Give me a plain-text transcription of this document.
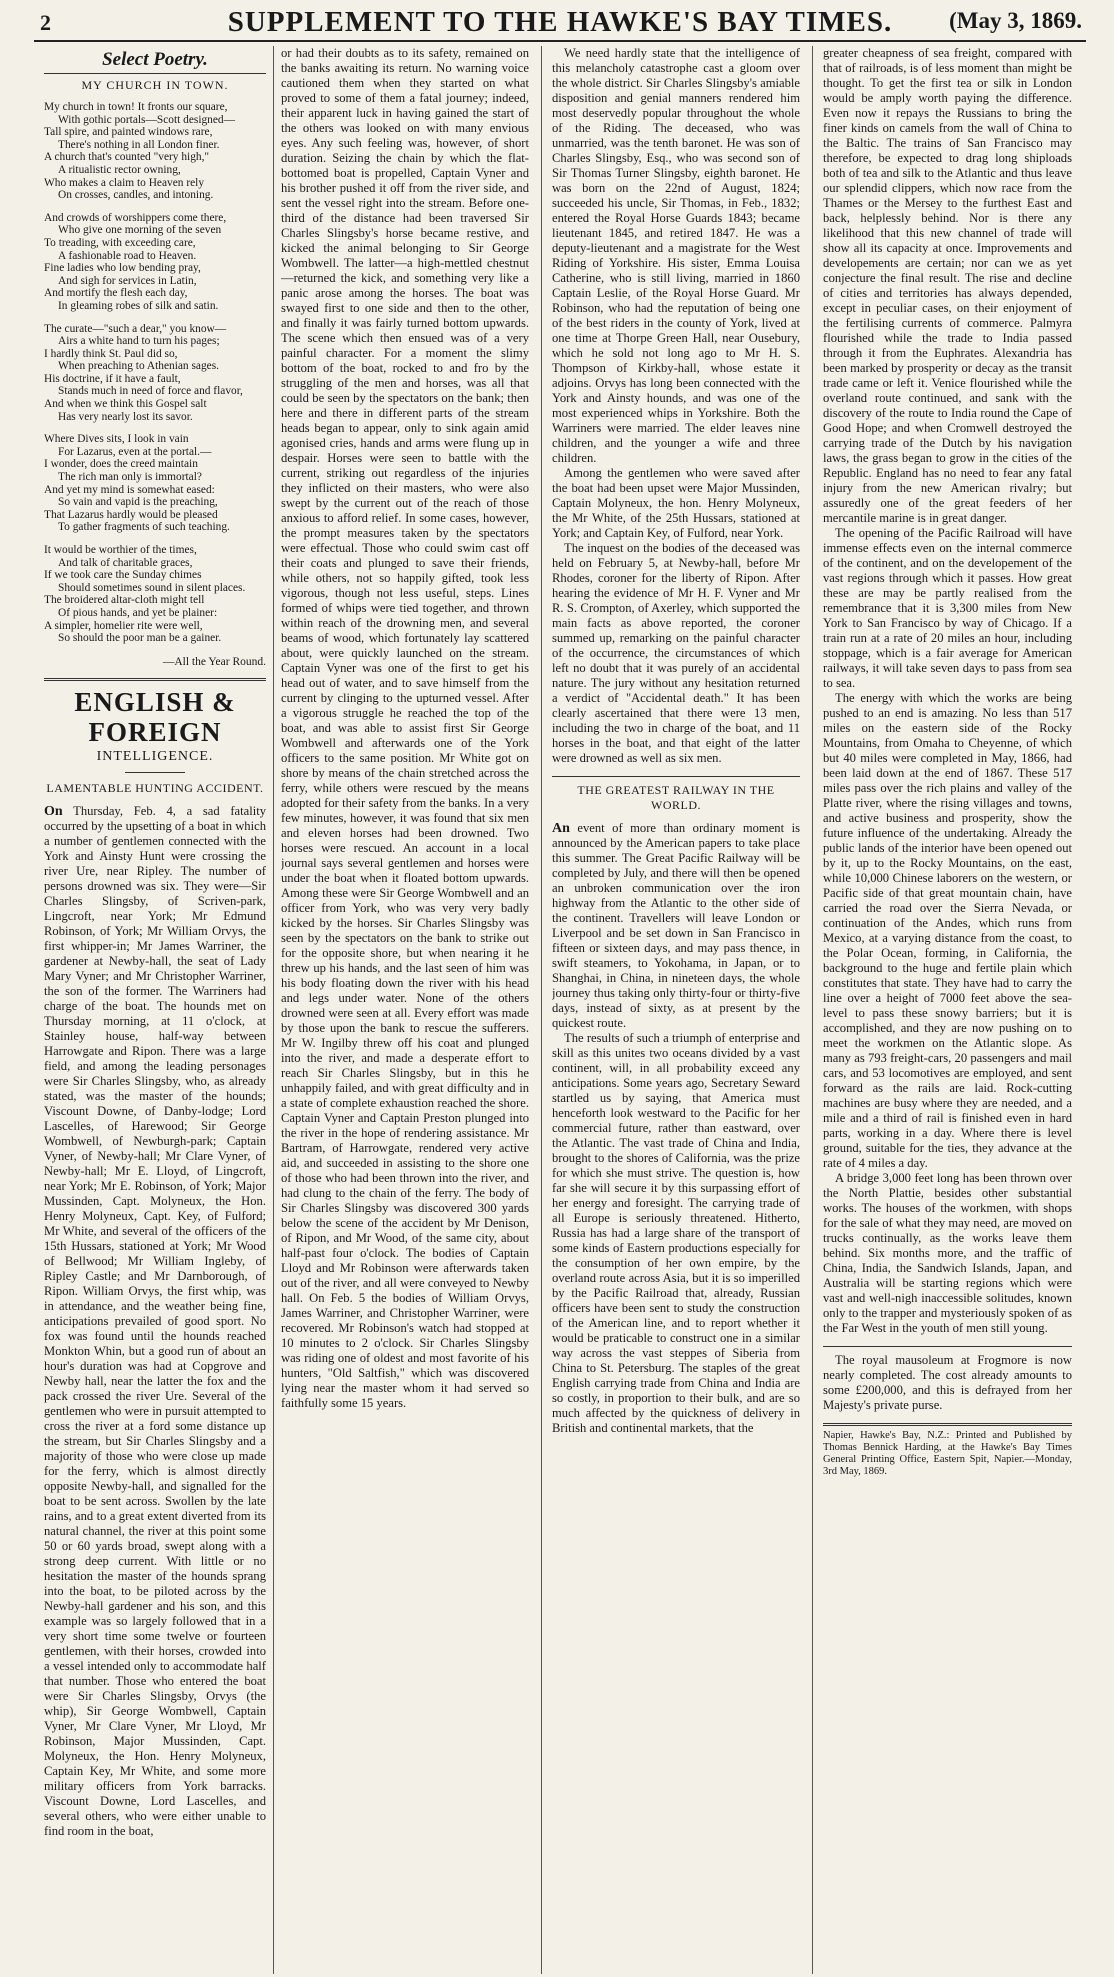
2	SUPPLEMENT TO THE HAWKE'S BAY TIMES.	(May 3, 1869.
Select Poetry.
MY CHURCH IN TOWN.
My church in town! It fronts our square,
With gothic portals—Scott designed—
Tall spire, and painted windows rare,
There's nothing in all London finer.
A church that's counted "very high,"
A ritualistic rector owning,
Who makes a claim to Heaven rely
On crosses, candles, and intoning.
And crowds of worshippers come there,
Who give one morning of the seven
To treading, with exceeding care,
A fashionable road to Heaven.
Fine ladies who low bending pray,
And sigh for services in Latin,
And mortify the flesh each day,
In gleaming robes of silk and satin.
The curate—"such a dear," you know—
Airs a white hand to turn his pages;
I hardly think St. Paul did so,
When preaching to Athenian sages.
His doctrine, if it have a fault,
Stands much in need of force and flavor,
And when we think this Gospel salt
Has very nearly lost its savor.
Where Dives sits, I look in vain
For Lazarus, even at the portal.—
I wonder, does the creed maintain
The rich man only is immortal?
And yet my mind is somewhat eased:
So vain and vapid is the preaching,
That Lazarus hardly would be pleased
To gather fragments of such teaching.
It would be worthier of the times,
And talk of charitable graces,
If we took care the Sunday chimes
Should sometimes sound in silent places.
The broidered altar-cloth might tell
Of pious hands, and yet be plainer:
A simpler, homelier rite were well,
So should the poor man be a gainer.
—All the Year Round.
ENGLISH & FOREIGN
INTELLIGENCE.
LAMENTABLE HUNTING ACCIDENT.

On Thursday, Feb. 4, a sad fatality occurred by the upsetting of a boat in which a number of gentlemen connected with the York and Ainsty Hunt were crossing the river Ure, near Ripley. The number of persons drowned was six. They were—Sir Charles Slingsby, of Scriven-park, Lingcroft, near York; Mr Edmund Robinson, of York; Mr William Orvys, the first whipper-in; Mr James Warriner, the gardener at Newby-hall, the seat of Lady Mary Vyner; and Mr Christopher Warriner, the son of the former. The Warriners had charge of the boat. The hounds met on Thursday morning, at 11 o'clock, at Stainley house, half-way between Harrowgate and Ripon. There was a large field, and among the leading personages were Sir Charles Slingsby, who, as already stated, was the master of the hounds; Viscount Downe, of Danby-lodge; Lord Lascelles, of Harewood; Sir George Wombwell, of Newburgh-park; Captain Vyner, of Newby-hall; Mr Clare Vyner, of Newby-hall; Mr E. Lloyd, of Lingcroft, near York; Mr E. Robinson, of York; Major Mussinden, Capt. Molyneux, the Hon. Henry Molyneux, Capt. Key, of Fulford; Mr White, and several of the officers of the 15th Hussars, stationed at York; Mr Wood of Bellwood; Mr William Ingleby, of Ripley Castle; and Mr Darnborough, of Ripon. William Orvys, the first whip, was in attendance, and the weather being fine, anticipations prevailed of good sport. No fox was found until the hounds reached Monkton Whin, but a good run of about an hour's duration was had at Copgrove and Newby hall, near the latter the fox and the pack crossed the river Ure. Several of the gentlemen who were in pursuit attempted to cross the river at a ford some distance up the stream, but Sir Charles Slingsby and a majority of those who were close up made for the ferry, which is almost directly opposite Newby-hall, and signalled for the boat to be sent across. Swollen by the late rains, and to a great extent diverted from its natural channel, the river at this point some 50 or 60 yards broad, swept along with a strong deep current. With little or no hesitation the master of the hounds sprang into the boat, to be piloted across by the Newby-hall gardener and his son, and this example was so largely followed that in a very short time some twelve or fourteen gentlemen, with their horses, crowded into a vessel intended only to accommodate half that number. Those who entered the boat were Sir Charles Slingsby, Orvys (the whip), Sir George Wombwell, Captain Vyner, Mr Clare Vyner, Mr Lloyd, Mr Robinson, Major Mussinden, Capt. Molyneux, the Hon. Henry Molyneux, Captain Key, Mr White, and some more military officers from York barracks. Viscount Downe, Lord Lascelles, and several others, who were either unable to find room in the boat,

or had their doubts as to its safety, remained on the banks awaiting its return. No warning voice cautioned them when they started on what proved to some of them a fatal journey; indeed, their apparent luck in having gained the start of the others was looked on with many envious eyes. Any such feeling was, however, of short duration. Seizing the chain by which the flat-bottomed boat is propelled, Captain Vyner and his brother pushed it off from the river side, and sent the vessel right into the stream. Before one-third of the distance had been traversed Sir Charles Slingsby's horse became restive, and kicked the animal belonging to Sir George Wombwell. The latter—a high-mettled chestnut—returned the kick, and something very like a panic arose among the horses. The boat was swayed first to one side and then to the other, and finally it was fairly turned bottom upwards. The scene which then ensued was of a very painful character. For a moment the slimy bottom of the boat, rocked to and fro by the struggling of the men and horses, was all that could be seen by the spectators on the bank; then here and there in different parts of the stream heads began to appear, only to sink again amid agonised cries, hands and arms were flung up in despair. Horses were seen to battle with the current, striking out regardless of the injuries they inflicted on their masters, who were also swept by the current out of the reach of those anxious to afford relief. In some cases, however, the prompt measures taken by the spectators were effectual. Those who could swim cast off their coats and plunged to save their friends, while others, not so happily gifted, took less vigorous, though not less useful, steps. Lines formed of whips were tied together, and thrown within reach of the drowning men, and several beams of wood, which fortunately lay scattered about, were quickly launched on the stream. Captain Vyner was one of the first to get his head out of water, and to save himself from the current by clinging to the upturned vessel. After a vigorous struggle he reached the top of the boat, and was able to assist first Sir George Wombwell and afterwards one of the York officers to the same position. Mr White got on shore by means of the chain stretched across the ferry, while others were rescued by the means adopted for their safety from the banks. In a very few minutes, however, it was found that six men and eleven horses had been drowned. Two horses were rescued. An account in a local journal says several gentlemen and horses were under the boat when it floated bottom upwards. Among these were Sir George Wombwell and an officer from York, who was very very badly kicked by the horses. Sir Charles Slingsby was seen by the spectators on the bank to strike out for the opposite shore, but when nearing it he threw up his hands, and the last seen of him was his body floating down the river with his head and legs under water. None of the others drowned were seen at all. Every effort was made by those upon the bank to rescue the sufferers. Mr W. Ingilby threw off his coat and plunged into the river, and made a desperate effort to reach Sir Charles Slingsby, but in this he unhappily failed, and with great difficulty and in a state of complete exhaustion reached the shore. Captain Vyner and Captain Preston plunged into the river in the hope of rendering assistance. Mr Bartram, of Harrowgate, rendered very active aid, and succeeded in assisting to the shore one of those who had been thrown into the river, and had clung to the chain of the ferry. The body of Sir Charles Slingsby was discovered 300 yards below the scene of the accident by Mr Denison, of Ripon, and Mr Wood, of the same city, about half-past four o'clock. The bodies of Captain Lloyd and Mr Robinson were afterwards taken out of the river, and all were conveyed to Newby hall. On Feb. 5 the bodies of William Orvys, James Warriner, and Christopher Warriner, were recovered. Mr Robinson's watch had stopped at 10 minutes to 2 o'clock. Sir Charles Slingsby was riding one of oldest and most favorite of his hunters, "Old Saltfish," which was discovered lying near the master whom it had served so faithfully some 15 years.

We need hardly state that the intelligence of this melancholy catastrophe cast a gloom over the whole district. Sir Charles Slingsby's amiable disposition and genial manners rendered him most deservedly popular throughout the whole of the Riding. The deceased, who was unmarried, was the tenth baronet. He was son of Charles Slingsby, Esq., who was second son of Sir Thomas Turner Slingsby, eighth baronet. He was born on the 22nd of August, 1824; succeeded his uncle, Sir Thomas, in Feb., 1832; entered the Royal Horse Guards 1843; became lieutenant 1845, and retired 1847. He was a deputy-lieutenant and a magistrate for the West Riding of Yorkshire. His sister, Emma Louisa Catherine, who is still living, married in 1860 Captain Leslie, of the Royal Horse Guard. Mr Robinson, who had the reputation of being one of the best riders in the county of York, lived at one time at Thorpe Green Hall, near Ousebury, which he sold not long ago to Mr H. S. Thompson of Kirkby-hall, whose estate it adjoins. Orvys has long been connected with the York and Ainsty hounds, and was one of the most experienced whips in Yorkshire. Both the Warriners were married. The elder leaves nine children, and the younger a wife and three children.

Among the gentlemen who were saved after the boat had been upset were Major Mussinden, Captain Molyneux, the hon. Henry Molyneux, the Mr White, of the 25th Hussars, stationed at York; and Captain Key, of Fulford, near York.

The inquest on the bodies of the deceased was held on February 5, at Newby-hall, before Mr Rhodes, coroner for the liberty of Ripon. After hearing the evidence of Mr H. F. Vyner and Mr R. S. Crompton, of Axerley, which supported the main facts as above reported, the coroner summed up, remarking on the painful character of the occurrence, the circumstances of which left no doubt that it was purely of an accidental nature. The jury without any hesitation returned a verdict of "Accidental death." It has been clearly ascertained that there were 13 men, including the two in charge of the boat, and 11 horses in the boat, and that eight of the latter were drowned as well as six men.

THE GREATEST RAILWAY IN THE WORLD.

An event of more than ordinary moment is announced by the American papers to take place this summer. The Great Pacific Railway will be completed by July, and there will then be opened an unbroken communication over the iron highway from the Atlantic to the other side of the continent. Travellers will leave London or Liverpool and be set down in San Francisco in fifteen or sixteen days, and may pass thence, in swift steamers, to Yokohama, in Japan, or to Shanghai, in China, in nineteen days, the whole journey thus taking only thirty-four or thirty-five days, instead of sixty, as at present by the quickest route.

The results of such a triumph of enterprise and skill as this unites two oceans divided by a vast continent, will, in all probability exceed any anticipations. Some years ago, Secretary Seward startled us by saying, that America must henceforth look westward to the Pacific for her commercial future, rather than eastward, over the Atlantic. The vast trade of China and India, brought to the shores of California, was the prize for which she must strive. The question is, how far she will secure it by this surpassing effort of her energy and foresight. The carrying trade of all Europe is seriously threatened. Hitherto, Russia has had a large share of the transport of some kinds of Eastern productions especially for the consumption of her own empire, by the overland route across Asia, but it is so imperilled by the Pacific Railroad that, already, Russian officers have been sent to study the construction of the American line, and to report whether it would be praticable to construct one in a similar way across the vast steppes of Siberia from China to St. Petersburg. The staples of the great English carrying trade from China and India are so costly, in proportion to their bulk, and are so much affected by the quickness of delivery in British and continental markets, that the

greater cheapness of sea freight, compared with that of railroads, is of less moment than might be thought. To get the first tea or silk in London would be amply worth paying the difference. Even now it repays the Russians to bring the finer kinds on camels from the wall of China to the Baltic. The trains of San Francisco may therefore, be expected to drag long shiploads both of tea and silk to the Atlantic and thus leave our splendid clippers, which now race from the Thames or the Mersey to the furthest East and back, helplessly behind. Nor is there any likelihood that this new channel of trade will show all its capacity at once. Improvements and developements are certain; nor can we as yet conjecture the final result. The rise and decline of cities and territories has always depended, except in peculiar cases, on their enjoyment of the fertilising currents of commerce. Palmyra flourished while the trade to India passed through it from the Euphrates. Alexandria has been marked by prosperity or decay as the transit trade came or left it. Venice flourished while the overland route continued, and sank with the discovery of the route to India round the Cape of Good Hope; and when Cromwell destroyed the carrying trade of the Dutch by his navigation laws, the grass began to grow in the cities of the Republic. England has no need to fear any fatal injury from the new American rivalry; but assuredly one of the great feeders of her mercantile marine is in great danger.

The opening of the Pacific Railroad will have immense effects even on the internal commerce of the continent, and on the developement of the vast regions through which it passes. How great these are may be partly realised from the remembrance that it is 3,300 miles from New York to San Francisco by way of Chicago. If a train run at a rate of 20 miles an hour, including stoppage, which is a fair average for American railways, it will take seven days to pass from sea to sea.

The energy with which the works are being pushed to an end is amazing. No less than 517 miles on the eastern side of the Rocky Mountains, from Omaha to Cheyenne, of which but 40 miles were completed in May, 1866, had been laid down at the end of 1867. These 517 miles pass over the rich plains and valley of the Platte river, where the rising villages and towns, and active business and prosperity, show the future influence of the undertaking. Already the public lands of the interior have been opened out by it, up to the Rocky Mountains, on the east, while 10,000 Chinese laborers on the western, or Pacific side of that great mountain chain, have carried the road over the Sierra Nevada, or continuation of the Andes, which runs from Mexico, at a varying distance from the coast, to the Polar Ocean, forming, in California, the background to the huge and fertile plain which constitutes that state. They have had to carry the line over a height of 7000 feet above the sea-level to pass these snowy barriers; but it is accomplished, and they are now pushing on to meet the workmen on the Atlantic slope. As many as 793 freight-cars, 20 passengers and mail cars, and 53 locomotives are employed, and sent forward as the rails are laid. Rock-cutting machines are busy where they are needed, and a mile and a third of rail is finished even in hard parts, working in a day. Where there is level ground, suitable for the ties, they advance at the rate of 4 miles a day.

A bridge 3,000 feet long has been thrown over the North Plattie, besides other substantial works. The houses of the workmen, with shops for the sale of what they may need, are moved on trucks continually, as the works leave them behind. Six months more, and the traffic of China, India, the Sandwich Islands, Japan, and Australia will be starting regions which were vast and well-nigh inaccessible solitudes, known only to the trapper and mysteriously spoken of as the Far West in the youth of men still young.

The royal mausoleum at Frogmore is now nearly completed. The cost already amounts to some £200,000, and this is defrayed from her Majesty's private purse.

Napier, Hawke's Bay, N.Z.: Printed and Published by Thomas Bennick Harding, at the Hawke's Bay Times General Printing Office, Eastern Spit, Napier.—Monday, 3rd May, 1869.
